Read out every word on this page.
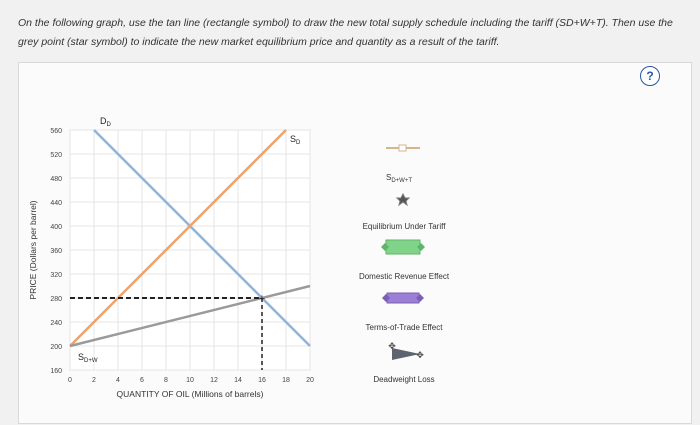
On the following graph, use the tan line (rectangle symbol) to draw the new total supply schedule including the tariff (SD+W+T). Then use the grey point (star symbol) to indicate the new market equilibrium price and quantity as a result of the tariff.
?
160
200
240
280
320
360
400
440
480
520
560
0	2	4	6	8	10 12 14 16 18 20
+
$D_D$
$S_D$
$S_{D+W}$
PRICE (Dollars per barrel)
QUANTITY OF OIL (Millions of barrels)
$S_{D+W+T}$
Equilibrium Under Tariff
Domestic Revenue Effect
Terms-of-Trade Effect
✥
✥
Deadweight Loss
